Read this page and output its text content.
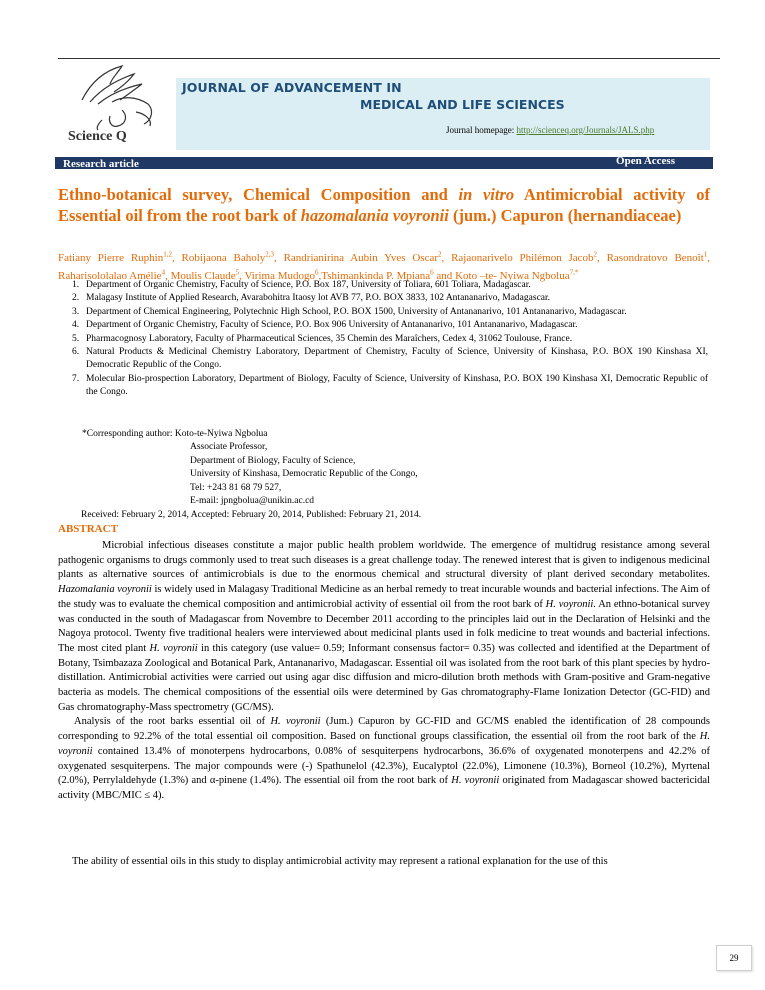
Science Q
JOURNAL OF ADVANCEMENT IN
MEDICAL AND LIFE SCIENCES
Journal homepage: http://scienceq.org/Journals/JALS.php
Research article	Open Access
Ethno-botanical survey, Chemical Composition and in vitro Antimicrobial activity of Essential oil from the root bark of hazomalania voyronii (jum.) Capuron (hernandiaceae)
Fatiany Pierre Ruphin$^{1,2}$, Robijaona Baholy$^{2,3}$, Randrianirina Aubin Yves Oscar$^2$, Rajaonarivelo Philémon Jacob$^2$, Rasondratovo Benoît$^1$, Raharisololalao Amélie$^4$, Moulis Claude$^5$, Virima Mudogo$^6$,Tshimankinda P. Mpiana$^6$ and Koto –te- Nyiwa Ngbolua$^{7,*}$
1. Department of Organic Chemistry, Faculty of Science, P.O. Box 187, University of Toliara, 601 Toliara, Madagascar.
2. Malagasy Institute of Applied Research, Avarabohitra Itaosy lot AVB 77, P.O. BOX 3833, 102 Antananarivo, Madagascar.
3. Department of Chemical Engineering, Polytechnic High School, P.O. BOX 1500, University of Antananarivo, 101 Antananarivo, Madagascar.
4. Department of Organic Chemistry, Faculty of Science, P.O. Box 906 University of Antananarivo, 101 Antananarivo, Madagascar.
5. Pharmacognosy Laboratory, Faculty of Pharmaceutical Sciences, 35 Chemin des Maraîchers, Cedex 4, 31062 Toulouse, France.
6. Natural Products & Medicinal Chemistry Laboratory, Department of Chemistry, Faculty of Science, University of Kinshasa, P.O. BOX 190 Kinshasa XI, Democratic Republic of the Congo.
7. Molecular Bio-prospection Laboratory, Department of Biology, Faculty of Science, University of Kinshasa, P.O. BOX 190 Kinshasa XI, Democratic Republic of the Congo.
*Corresponding author: Koto-te-Nyiwa Ngbolua
Associate Professor,
Department of Biology, Faculty of Science,
University of Kinshasa, Democratic Republic of the Congo,
Tel: +243 81 68 79 527,
E-mail: jpngbolua@unikin.ac.cd
Received: February 2, 2014, Accepted: February 20, 2014, Published: February 21, 2014.
ABSTRACT

Microbial infectious diseases constitute a major public health problem worldwide. The emergence of multidrug resistance among several pathogenic organisms to drugs commonly used to treat such diseases is a great challenge today. The renewed interest that is given to indigenous medicinal plants as alternative sources of antimicrobials is due to the enormous chemical and structural diversity of plant derived secondary metabolites. Hazomalania voyronii is widely used in Malagasy Traditional Medicine as an herbal remedy to treat incurable wounds and bacterial infections. The Aim of the study was to evaluate the chemical composition and antimicrobial activity of essential oil from the root bark of H. voyronii. An ethno-botanical survey was conducted in the south of Madagascar from Novembre to December 2011 according to the principles laid out in the Declaration of Helsinki and the Nagoya protocol. Twenty five traditional healers were interviewed about medicinal plants used in folk medicine to treat wounds and bacterial infections. The most cited plant H. voyronii in this category (use value= 0.59; Informant consensus factor= 0.35) was collected and identified at the Department of Botany, Tsimbazaza Zoological and Botanical Park, Antananarivo, Madagascar. Essential oil was isolated from the root bark of this plant species by hydro-distillation. Antimicrobial activities were carried out using agar disc diffusion and micro-dilution broth methods with Gram-positive and Gram-negative bacteria as models. The chemical compositions of the essential oils were determined by Gas chromatography-Flame Ionization Detector (GC-FID) and Gas chromatography-Mass spectrometry (GC/MS).

Analysis of the root barks essential oil of H. voyronii (Jum.) Capuron by GC-FID and GC/MS enabled the identification of 28 compounds corresponding to 92.2% of the total essential oil composition. Based on functional groups classification, the essential oil from the root bark of the H. voyronii contained 13.4% of monoterpens hydrocarbons, 0.08% of sesquiterpens hydrocarbons, 36.6% of oxygenated monoterpens and 42.2% of oxygenated sesquiterpens. The major compounds were (-) Spathunelol (42.3%), Eucalyptol (22.0%), Limonene (10.3%), Borneol (10.2%), Myrtenal (2.0%), Perrylaldehyde (1.3%) and α-pinene (1.4%). The essential oil from the root bark of H. voyronii originated from Madagascar showed bactericidal activity (MBC/MIC ≤ 4).

The ability of essential oils in this study to display antimicrobial activity may represent a rational explanation for the use of this
29
